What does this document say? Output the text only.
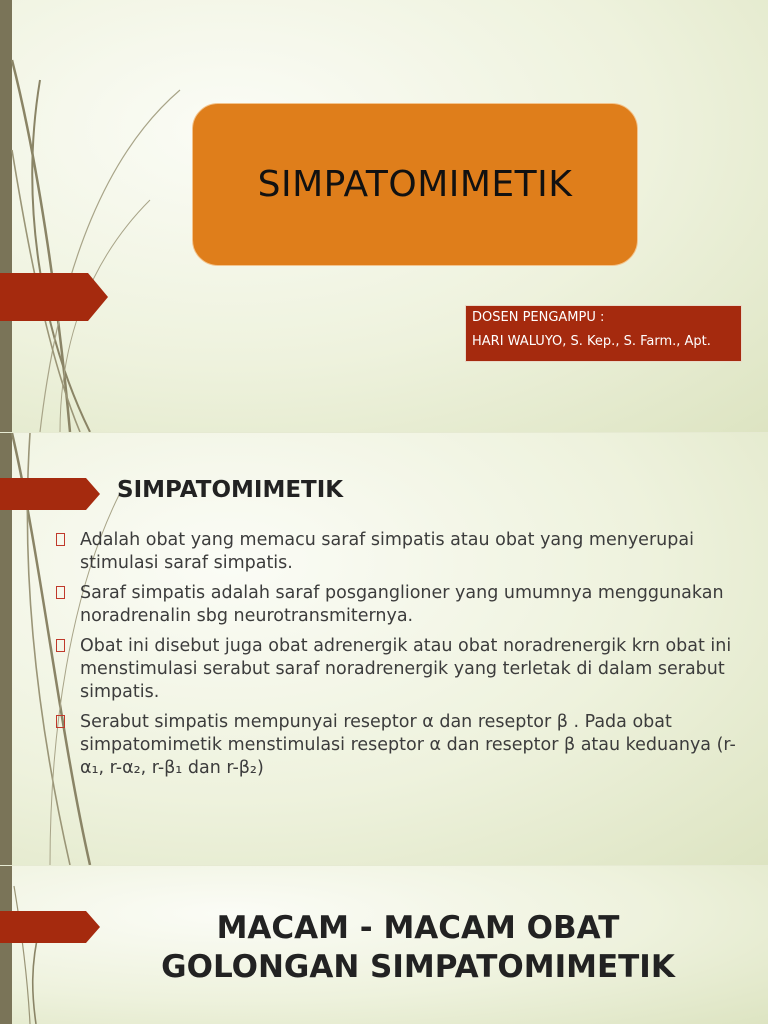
SIMPATOMIMETIK
DOSEN PENGAMPU :
HARI WALUYO, S. Kep., S. Farm., Apt.
SIMPATOMIMETIK
Adalah obat yang memacu saraf simpatis atau obat yang menyerupai stimulasi saraf simpatis.
Saraf simpatis adalah saraf posganglioner yang umumnya menggunakan noradrenalin sbg neurotransmiternya.
Obat ini disebut juga obat adrenergik atau obat noradrenergik krn obat ini menstimulasi serabut saraf noradrenergik yang terletak di dalam serabut simpatis.
Serabut simpatis mempunyai reseptor α dan reseptor β . Pada obat simpatomimetik menstimulasi reseptor α dan reseptor β atau keduanya (r-α₁, r-α₂, r-β₁ dan r-β₂)
MACAM - MACAM OBAT
GOLONGAN SIMPATOMIMETIK
